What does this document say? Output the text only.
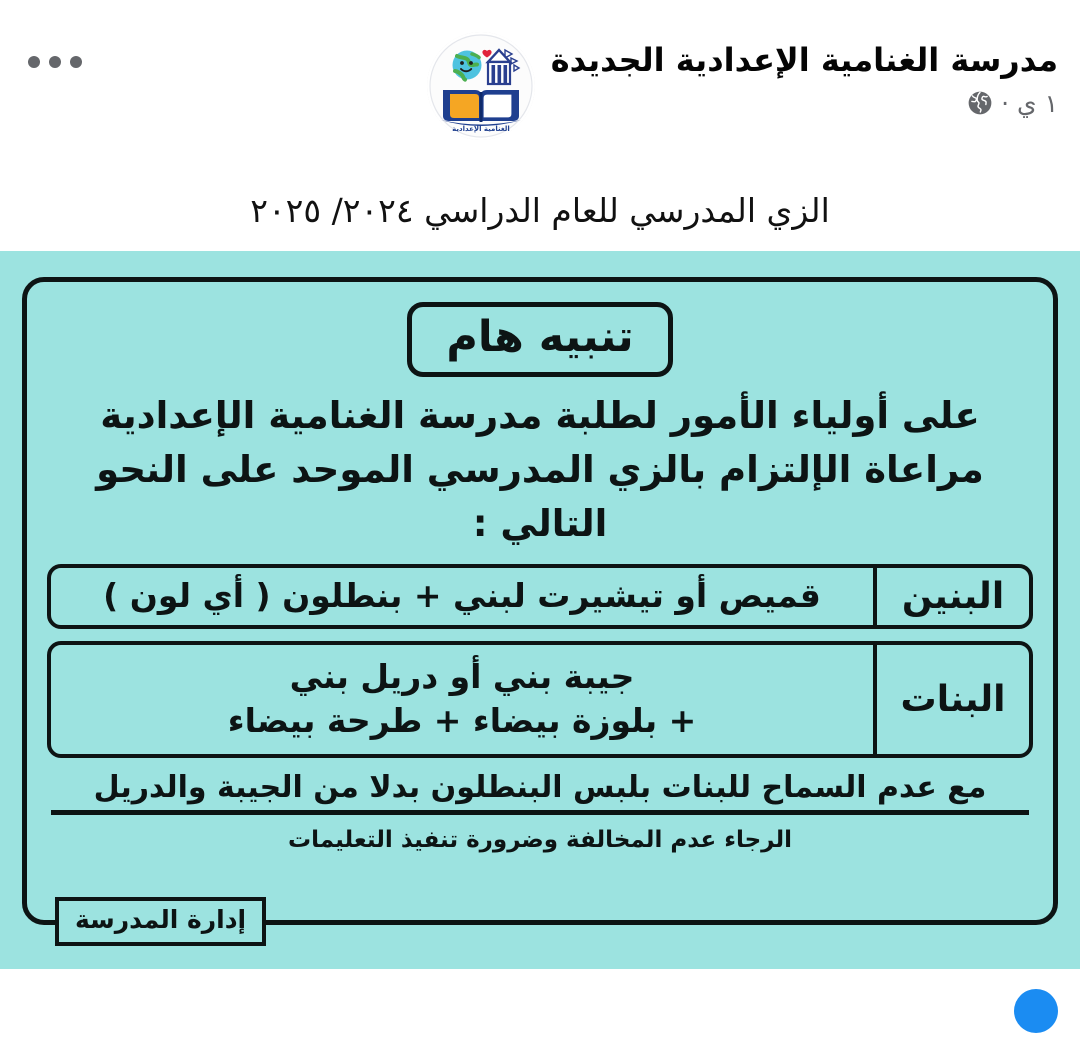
مدرسة الغنامية الإعدادية الجديدة
١ ي
·
الغنامية الإعدادية
الزي المدرسي للعام الدراسي ٢٠٢٤/ ٢٠٢٥
تنبيه هام

على أولياء الأمور لطلبة مدرسة الغنامية الإعدادية

مراعاة الإلتزام بالزي المدرسي الموحد على النحو التالي :

البنين
قميص أو تيشيرت لبني + بنطلون ( أي لون )
البنات
جيبة بني أو دريل بني
+ بلوزة بيضاء + طرحة بيضاء
مع عدم السماح للبنات بلبس البنطلون بدلا من الجيبة والدريل
الرجاء عدم المخالفة وضرورة تنفيذ التعليمات
إدارة المدرسة
